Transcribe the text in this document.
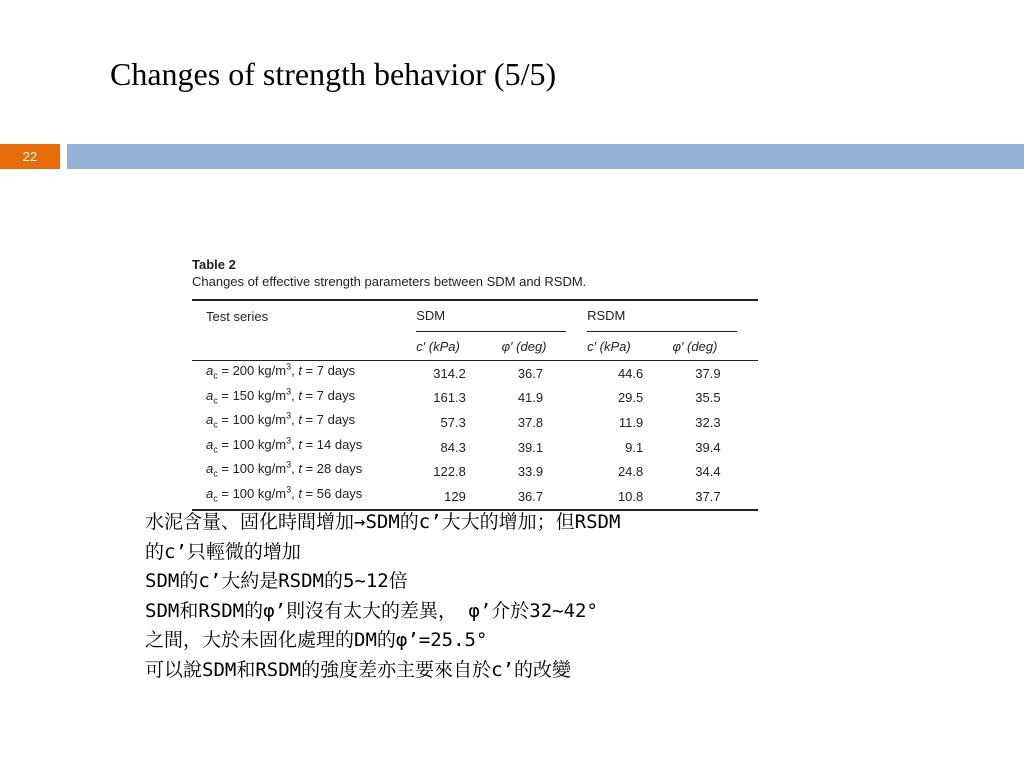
Changes of strength behavior (5/5)
22
Table 2
Changes of effective strength parameters between SDM and RSDM.
Test series	SDM		RSDM	

	c′ (kPa)	φ′ (deg)	c′ (kPa)	φ′ (deg)
$a_c = 200$ $kg/m^3$, t = 7 days	314.2	36.7	44.6	37.9
$a_c = 150$ $kg/m^3$, t = 7 days	161.3	41.9	29.5	35.5
$a_c = 100$ $kg/m^3$, t = 7 days	57.3	37.8	11.9	32.3
$a_c = 100$ $kg/m^3$, t = 14 days	84.3	39.1	9.1	39.4
$a_c = 100$ $kg/m^3$, t = 28 days	122.8	33.9	24.8	34.4
$a_c = 100$ $kg/m^3$, t = 56 days	129	36.7	10.8	37.7

水泥含量、固化時間增加→SDM的c’大大的增加；但RSDM

的c’只輕微的增加

SDM的c’大約是RSDM的5~12倍

SDM和RSDM的φ’則沒有太大的差異， φ’介於32~42°

之間，大於未固化處理的DM的φ’=25.5°

可以說SDM和RSDM的強度差亦主要來自於c’的改變
